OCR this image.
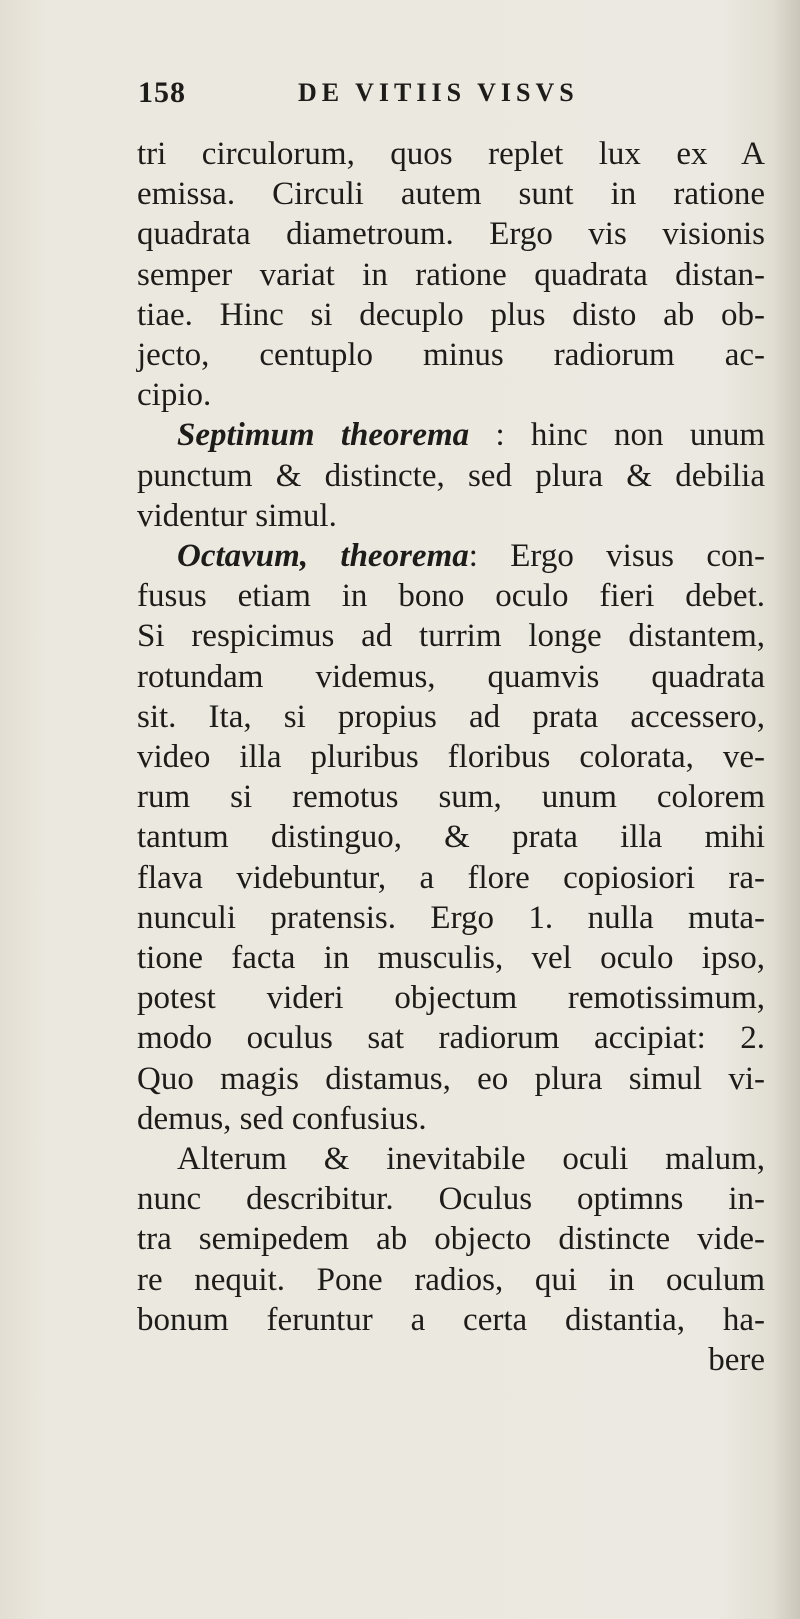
158	DE VITIIS VISVS
tri circulorum, quos replet lux ex A
emissa. Circuli autem sunt in ratione
quadrata diametroum. Ergo vis visionis
semper variat in ratione quadrata distan-
tiae. Hinc si decuplo plus disto ab ob-
jecto, centuplo minus radiorum ac-
cipio.
Septimum theorema : hinc non unum
punctum & distincte, sed plura & debilia
videntur simul.
Octavum, theorema: Ergo visus con-
fusus etiam in bono oculo fieri debet.
Si respicimus ad turrim longe distantem,
rotundam videmus, quamvis quadrata
sit. Ita, si propius ad prata accessero,
video illa pluribus floribus colorata, ve-
rum si remotus sum, unum colorem
tantum distinguo, & prata illa mihi
flava videbuntur, a flore copiosiori ra-
nunculi pratensis. Ergo 1. nulla muta-
tione facta in musculis, vel oculo ipso,
potest videri objectum remotissimum,
modo oculus sat radiorum accipiat: 2.
Quo magis distamus, eo plura simul vi-
demus, sed confusius.
Alterum & inevitabile oculi malum,
nunc describitur. Oculus optimns in-
tra semipedem ab objecto distincte vide-
re nequit. Pone radios, qui in oculum
bonum feruntur a certa distantia, ha-
bere
